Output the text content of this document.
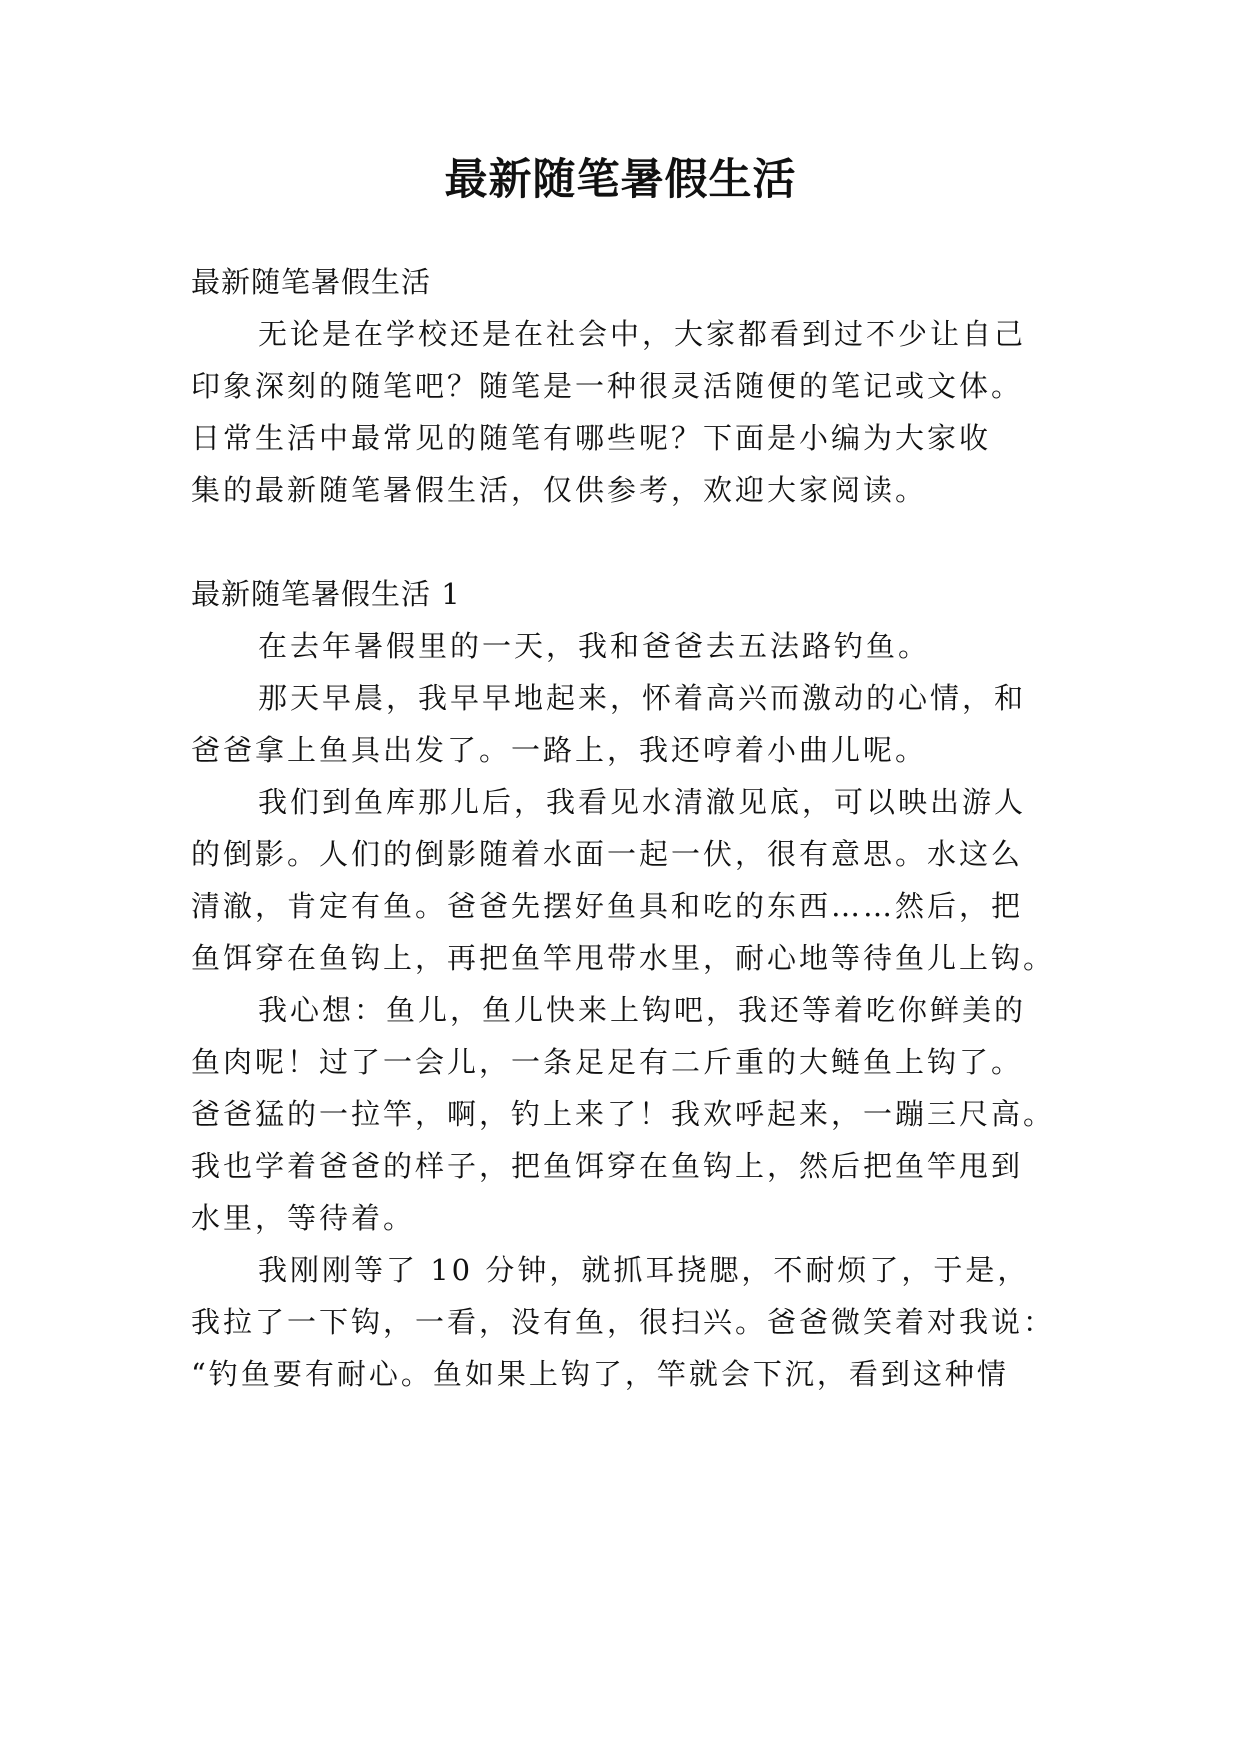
最新随笔暑假生活
最新随笔暑假生活
无论是在学校还是在社会中，大家都看到过不少让自己
印象深刻的随笔吧？随笔是一种很灵活随便的笔记或文体。
日常生活中最常见的随笔有哪些呢？下面是小编为大家收
集的最新随笔暑假生活，仅供参考，欢迎大家阅读。
最新随笔暑假生活 1
在去年暑假里的一天，我和爸爸去五法路钓鱼。
那天早晨，我早早地起来，怀着高兴而激动的心情，和
爸爸拿上鱼具出发了。一路上，我还哼着小曲儿呢。
我们到鱼库那儿后，我看见水清澈见底，可以映出游人
的倒影。人们的倒影随着水面一起一伏，很有意思。水这么
清澈，肯定有鱼。爸爸先摆好鱼具和吃的东西……然后，把
鱼饵穿在鱼钩上，再把鱼竿甩带水里，耐心地等待鱼儿上钩。
我心想：鱼儿，鱼儿快来上钩吧，我还等着吃你鲜美的
鱼肉呢！过了一会儿，一条足足有二斤重的大鲢鱼上钩了。
爸爸猛的一拉竿，啊，钓上来了！我欢呼起来，一蹦三尺高。
我也学着爸爸的样子，把鱼饵穿在鱼钩上，然后把鱼竿甩到
水里，等待着。
我刚刚等了 10 分钟，就抓耳挠腮，不耐烦了，于是，
我拉了一下钩，一看，没有鱼，很扫兴。爸爸微笑着对我说：
“钓鱼要有耐心。鱼如果上钩了，竿就会下沉，看到这种情
